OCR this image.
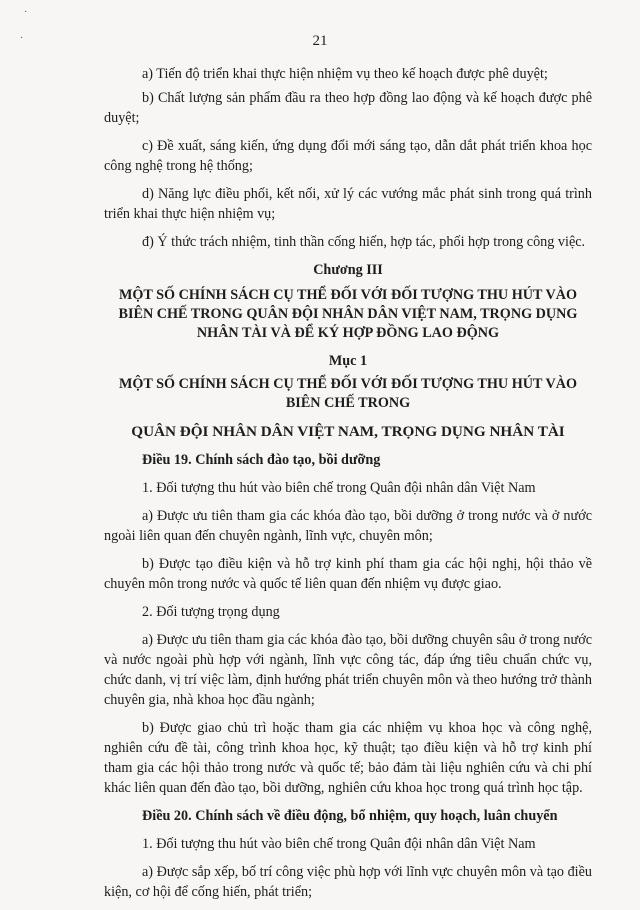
·
·	21

a) Tiến độ triển khai thực hiện nhiệm vụ theo kế hoạch được phê duyệt;

b) Chất lượng sản phẩm đầu ra theo hợp đồng lao động và kế hoạch được phê duyệt;

c) Đề xuất, sáng kiến, ứng dụng đổi mới sáng tạo, dẫn dắt phát triển khoa học công nghệ trong hệ thống;

d) Năng lực điều phối, kết nối, xử lý các vướng mắc phát sinh trong quá trình triển khai thực hiện nhiệm vụ;

đ) Ý thức trách nhiệm, tinh thần cống hiến, hợp tác, phối hợp trong công việc.

Chương III
MỘT SỐ CHÍNH SÁCH CỤ THỂ ĐỐI VỚI ĐỐI TƯỢNG THU HÚT VÀO BIÊN CHẾ TRONG QUÂN ĐỘI NHÂN DÂN VIỆT NAM, TRỌNG DỤNG NHÂN TÀI VÀ ĐỂ KÝ HỢP ĐỒNG LAO ĐỘNG
Mục 1
MỘT SỐ CHÍNH SÁCH CỤ THỂ ĐỐI VỚI ĐỐI TƯỢNG THU HÚT VÀO BIÊN CHẾ TRONG
QUÂN ĐỘI NHÂN DÂN VIỆT NAM, TRỌNG DỤNG NHÂN TÀI
Điều 19. Chính sách đào tạo, bồi dưỡng

1. Đối tượng thu hút vào biên chế trong Quân đội nhân dân Việt Nam

a) Được ưu tiên tham gia các khóa đào tạo, bồi dưỡng ở trong nước và ở nước ngoài liên quan đến chuyên ngành, lĩnh vực, chuyên môn;

b) Được tạo điều kiện và hỗ trợ kinh phí tham gia các hội nghị, hội thảo về chuyên môn trong nước và quốc tế liên quan đến nhiệm vụ được giao.

2. Đối tượng trọng dụng

a) Được ưu tiên tham gia các khóa đào tạo, bồi dưỡng chuyên sâu ở trong nước và nước ngoài phù hợp với ngành, lĩnh vực công tác, đáp ứng tiêu chuẩn chức vụ, chức danh, vị trí việc làm, định hướng phát triển chuyên môn và theo hướng trở thành chuyên gia, nhà khoa học đầu ngành;

b) Được giao chủ trì hoặc tham gia các nhiệm vụ khoa học và công nghệ, nghiên cứu đề tài, công trình khoa học, kỹ thuật; tạo điều kiện và hỗ trợ kinh phí tham gia các hội thảo trong nước và quốc tế; bảo đảm tài liệu nghiên cứu và chi phí khác liên quan đến đào tạo, bồi dưỡng, nghiên cứu khoa học trong quá trình học tập.

Điều 20. Chính sách về điều động, bổ nhiệm, quy hoạch, luân chuyển

1. Đối tượng thu hút vào biên chế trong Quân đội nhân dân Việt Nam

a) Được sắp xếp, bố trí công việc phù hợp với lĩnh vực chuyên môn và tạo điều kiện, cơ hội để cống hiến, phát triển;
